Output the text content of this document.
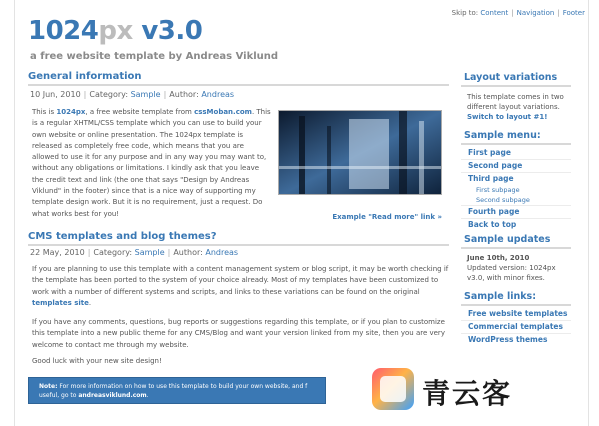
Skip to: Content | Navigation | Footer
1024px v3.0
a free website template by Andreas Viklund
General information
10 Jun, 2010 | Category: Sample | Author: Andreas
This is 1024px, a free website template from cssMoban.com. This is a regular XHTML/CSS template which you can use to build your own website or online presentation. The 1024px template is released as completely free code, which means that you are allowed to use it for any purpose and in any way you may want to, without any obligations or limitations. I kindly ask that you leave the credit text and link (the one that says "Design by Andreas Viklund" in the footer) since that is a nice way of supporting my template design work. But it is no requirement, just a request. Do what works best for you!	Example "Read more" link »
CMS templates and blog themes?
22 May, 2010 | Category: Sample | Author: Andreas
If you are planning to use this template with a content management system or blog script, it may be worth checking if the template has been ported to the system of your choice already. Most of my templates have been customized to work with a number of different systems and scripts, and links to these variations can be found on the original templates site.
If you have any comments, questions, bug reports or suggestions regarding this template, or if you plan to customize this template into a new public theme for any CMS/Blog and want your version linked from my site, then you are very welcome to contact me through my website.
Good luck with your new site design!
Note: For more information on how to use this template to build your own website, and f
useful, go to andreasviklund.com.
Layout variations
This template comes in two different layout variations.
Switch to layout #1!
Sample menu:
First page
Second page
Third page
First subpage
Second subpage
Fourth page
Back to top
Sample updates
June 10th, 2010
Updated version: 1024px v3.0, with minor fixes.
Sample links:
Free website templates
Commercial templates
WordPress themes
青云客
